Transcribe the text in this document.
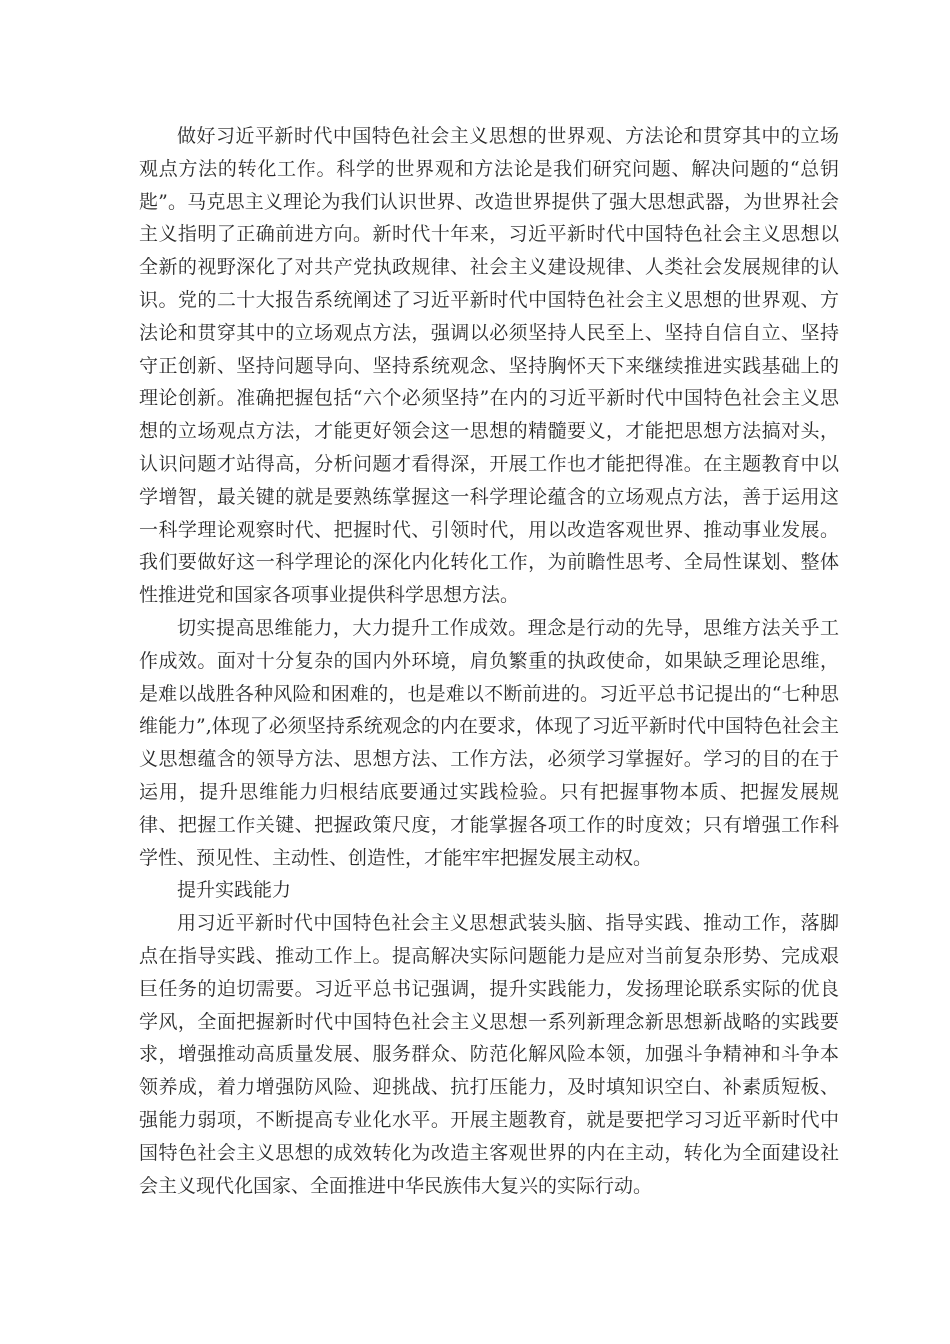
做好习近平新时代中国特色社会主义思想的世界观、方法论和贯穿其中的立场观点方法的转化工作。科学的世界观和方法论是我们研究问题、解决问题的“总钥匙”。马克思主义理论为我们认识世界、改造世界提供了强大思想武器，为世界社会主义指明了正确前进方向。新时代十年来，习近平新时代中国特色社会主义思想以全新的视野深化了对共产党执政规律、社会主义建设规律、人类社会发展规律的认识。党的二十大报告系统阐述了习近平新时代中国特色社会主义思想的世界观、方法论和贯穿其中的立场观点方法，强调以必须坚持人民至上、坚持自信自立、坚持守正创新、坚持问题导向、坚持系统观念、坚持胸怀天下来继续推进实践基础上的理论创新。准确把握包括“六个必须坚持”在内的习近平新时代中国特色社会主义思想的立场观点方法，才能更好领会这一思想的精髓要义，才能把思想方法搞对头，认识问题才站得高，分析问题才看得深，开展工作也才能把得准。在主题教育中以学增智，最关键的就是要熟练掌握这一科学理论蕴含的立场观点方法，善于运用这一科学理论观察时代、把握时代、引领时代，用以改造客观世界、推动事业发展。我们要做好这一科学理论的深化内化转化工作，为前瞻性思考、全局性谋划、整体性推进党和国家各项事业提供科学思想方法。

切实提高思维能力，大力提升工作成效。理念是行动的先导，思维方法关乎工作成效。面对十分复杂的国内外环境，肩负繁重的执政使命，如果缺乏理论思维，是难以战胜各种风险和困难的，也是难以不断前进的。习近平总书记提出的“七种思维能力”,体现了必须坚持系统观念的内在要求，体现了习近平新时代中国特色社会主义思想蕴含的领导方法、思想方法、工作方法，必须学习掌握好。学习的目的在于运用，提升思维能力归根结底要通过实践检验。只有把握事物本质、把握发展规律、把握工作关键、把握政策尺度，才能掌握各项工作的时度效；只有增强工作科学性、预见性、主动性、创造性，才能牢牢把握发展主动权。

提升实践能力

用习近平新时代中国特色社会主义思想武装头脑、指导实践、推动工作，落脚点在指导实践、推动工作上。提高解决实际问题能力是应对当前复杂形势、完成艰巨任务的迫切需要。习近平总书记强调，提升实践能力，发扬理论联系实际的优良学风，全面把握新时代中国特色社会主义思想一系列新理念新思想新战略的实践要求，增强推动高质量发展、服务群众、防范化解风险本领，加强斗争精神和斗争本领养成，着力增强防风险、迎挑战、抗打压能力，及时填知识空白、补素质短板、强能力弱项，不断提高专业化水平。开展主题教育，就是要把学习习近平新时代中国特色社会主义思想的成效转化为改造主客观世界的内在主动，转化为全面建设社会主义现代化国家、全面推进中华民族伟大复兴的实际行动。
